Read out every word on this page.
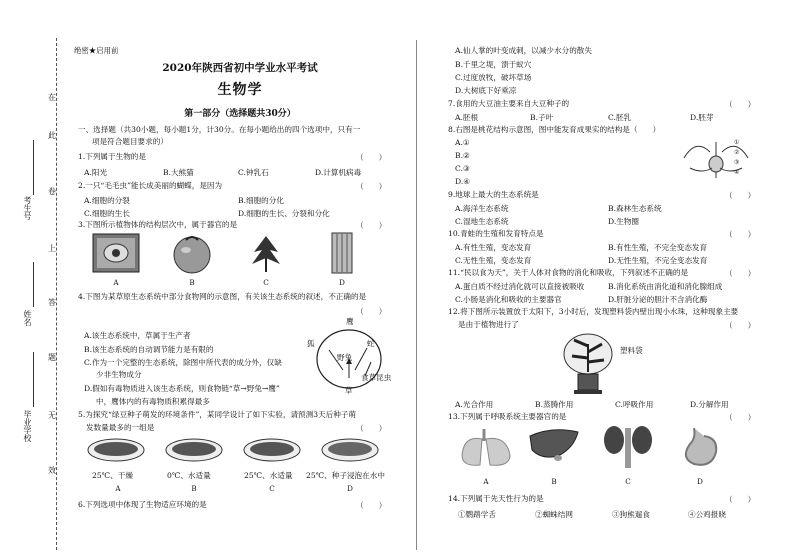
在
此
卷
上
答
题
无
效
考生号
姓名
毕业学校
绝密★启用前
2020年陕西省初中学业水平考试
生物学
第一部分（选择题共30分）
一、选择题（共30小题，每小题1分，计30分。在每小题给出的四个选项中，只有一
项是符合题目要求的）
1.下列属于生物的是	（　　）
A.阳光	B.大熊猫	C.钟乳石	D.计算机病毒
2.一只“毛毛虫”能长成美丽的蝴蝶，是因为	（　　）
A.细胞的分裂	B.细胞的分化
C.细胞的生长	D.细胞的生长、分裂和分化
3.下图所示植物体的结构层次中，属于器官的是	（　　）
A	B	C	D
4.下图为某草原生态系统中部分食物网的示意图，有关该生态系统的叙述，不正确的是
（　　）
A.该生态系统中，草属于生产者
B.该生态系统的自动调节能力是有限的
C.作为一个完整的生态系统，除图中所代表的成分外，仅缺
少非生物成分
D.假如有毒物质进入该生态系统，则食物链“草→野兔→鹰”
中，鹰体内的有毒物质积累得最多
鹰
狐	蛇
野兔
草
食草昆虫
5.为探究“绿豆种子萌发的环境条件”，某同学设计了如下实验，请预测3天后种子萌
发数量最多的一组是	（　　）
25℃、干燥	0℃、水适量	25℃、水适量 25℃、种子浸泡在水中
A	B	C	D
6.下列选项中体现了生物适应环境的是	（　　）
A.仙人掌的叶变成刺，以减少水分的散失
B.千里之堤，溃于蚁穴
C.过度放牧，破坏草场
D.大树底下好乘凉
7.食用的大豆油主要来自大豆种子的	（　　）
A.胚根	B.子叶	C.胚乳	D.胚芽
8.右图是桃花结构示意图，图中能发育成果实的结构是（　　）
A.①
B.②
C.③
D.④
①
②
③
④
9.地球上最大的生态系统是	（　　）
A.海洋生态系统	B.森林生态系统
C.湿地生态系统	D.生物圈
10.青蛙的生殖和发育特点是	（　　）
A.有性生殖，变态发育	B.有性生殖，不完全变态发育
C.无性生殖，变态发育	D.无性生殖，不完全变态发育
11.“民以食为天”，关于人体对食物的消化和吸收，下列叙述不正确的是	（　　）
A.蛋白质不经过消化就可以直接被吸收	B.消化系统由消化道和消化腺组成
C.小肠是消化和吸收的主要器官	D.肝脏分泌的胆汁不含消化酶
12.将下图所示装置放于太阳下，3小时后，发现塑料袋内壁出现小水珠，这种现象主要
是由于植物进行了	（　　）
塑料袋
A.光合作用	B.蒸腾作用	C.呼吸作用	D.分解作用
13.下列属于呼吸系统主要器官的是	（　　）
A	B	C	D
14.下列属于先天性行为的是	（　　）
①鹦鹉学舌	②蜘蛛结网	③狗熊遛食	④公鸡报晓
